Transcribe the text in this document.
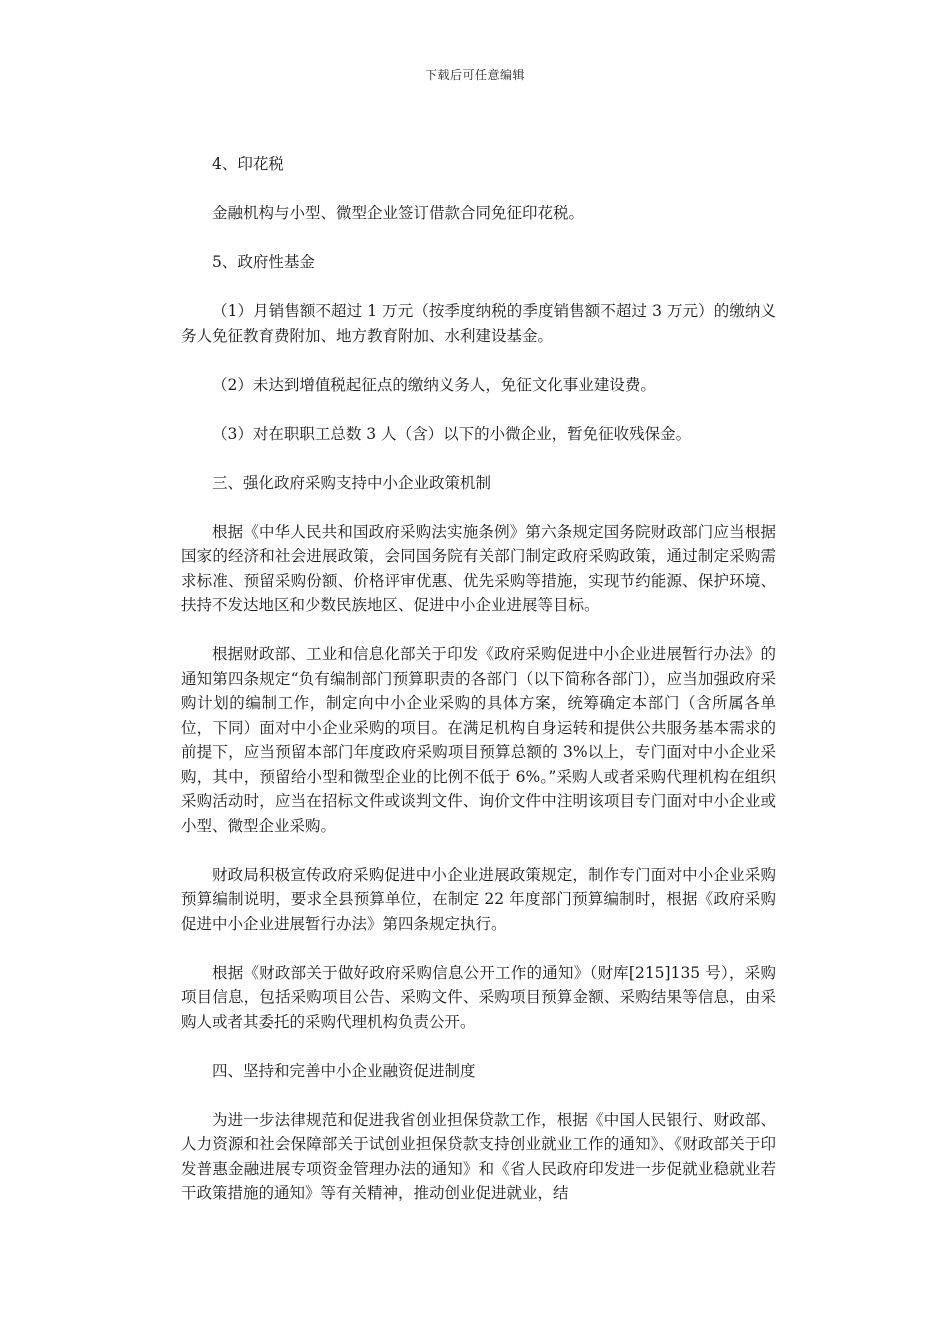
下载后可任意编辑

4、印花税

金融机构与小型、微型企业签订借款合同免征印花税。

5、政府性基金

（1）月销售额不超过 1 万元（按季度纳税的季度销售额不超过 3 万元）的缴纳义务人免征教育费附加、地方教育附加、水利建设基金。

（2）未达到增值税起征点的缴纳义务人，免征文化事业建设费。

（3）对在职职工总数 3 人（含）以下的小微企业，暂免征收残保金。

三、强化政府采购支持中小企业政策机制

根据《中华人民共和国政府采购法实施条例》第六条规定国务院财政部门应当根据国家的经济和社会进展政策，会同国务院有关部门制定政府采购政策，通过制定采购需求标准、预留采购份额、价格评审优惠、优先采购等措施，实现节约能源、保护环境、扶持不发达地区和少数民族地区、促进中小企业进展等目标。

根据财政部、工业和信息化部关于印发《政府采购促进中小企业进展暂行办法》的通知第四条规定“负有编制部门预算职责的各部门（以下简称各部门），应当加强政府采购计划的编制工作，制定向中小企业采购的具体方案，统筹确定本部门（含所属各单位，下同）面对中小企业采购的项目。在满足机构自身运转和提供公共服务基本需求的前提下，应当预留本部门年度政府采购项目预算总额的 3%以上，专门面对中小企业采购，其中，预留给小型和微型企业的比例不低于 6%。”采购人或者采购代理机构在组织采购活动时，应当在招标文件或谈判文件、询价文件中注明该项目专门面对中小企业或小型、微型企业采购。

财政局积极宣传政府采购促进中小企业进展政策规定，制作专门面对中小企业采购预算编制说明，要求全县预算单位，在制定 22 年度部门预算编制时，根据《政府采购促进中小企业进展暂行办法》第四条规定执行。

根据《财政部关于做好政府采购信息公开工作的通知》（财库[215]135 号），采购项目信息，包括采购项目公告、采购文件、采购项目预算金额、采购结果等信息，由采购人或者其委托的采购代理机构负责公开。

四、坚持和完善中小企业融资促进制度

为进一步法律规范和促进我省创业担保贷款工作，根据《中国人民银行、财政部、人力资源和社会保障部关于试创业担保贷款支持创业就业工作的通知》、《财政部关于印发普惠金融进展专项资金管理办法的通知》和《省人民政府印发进一步促就业稳就业若干政策措施的通知》等有关精神，推动创业促进就业，结
